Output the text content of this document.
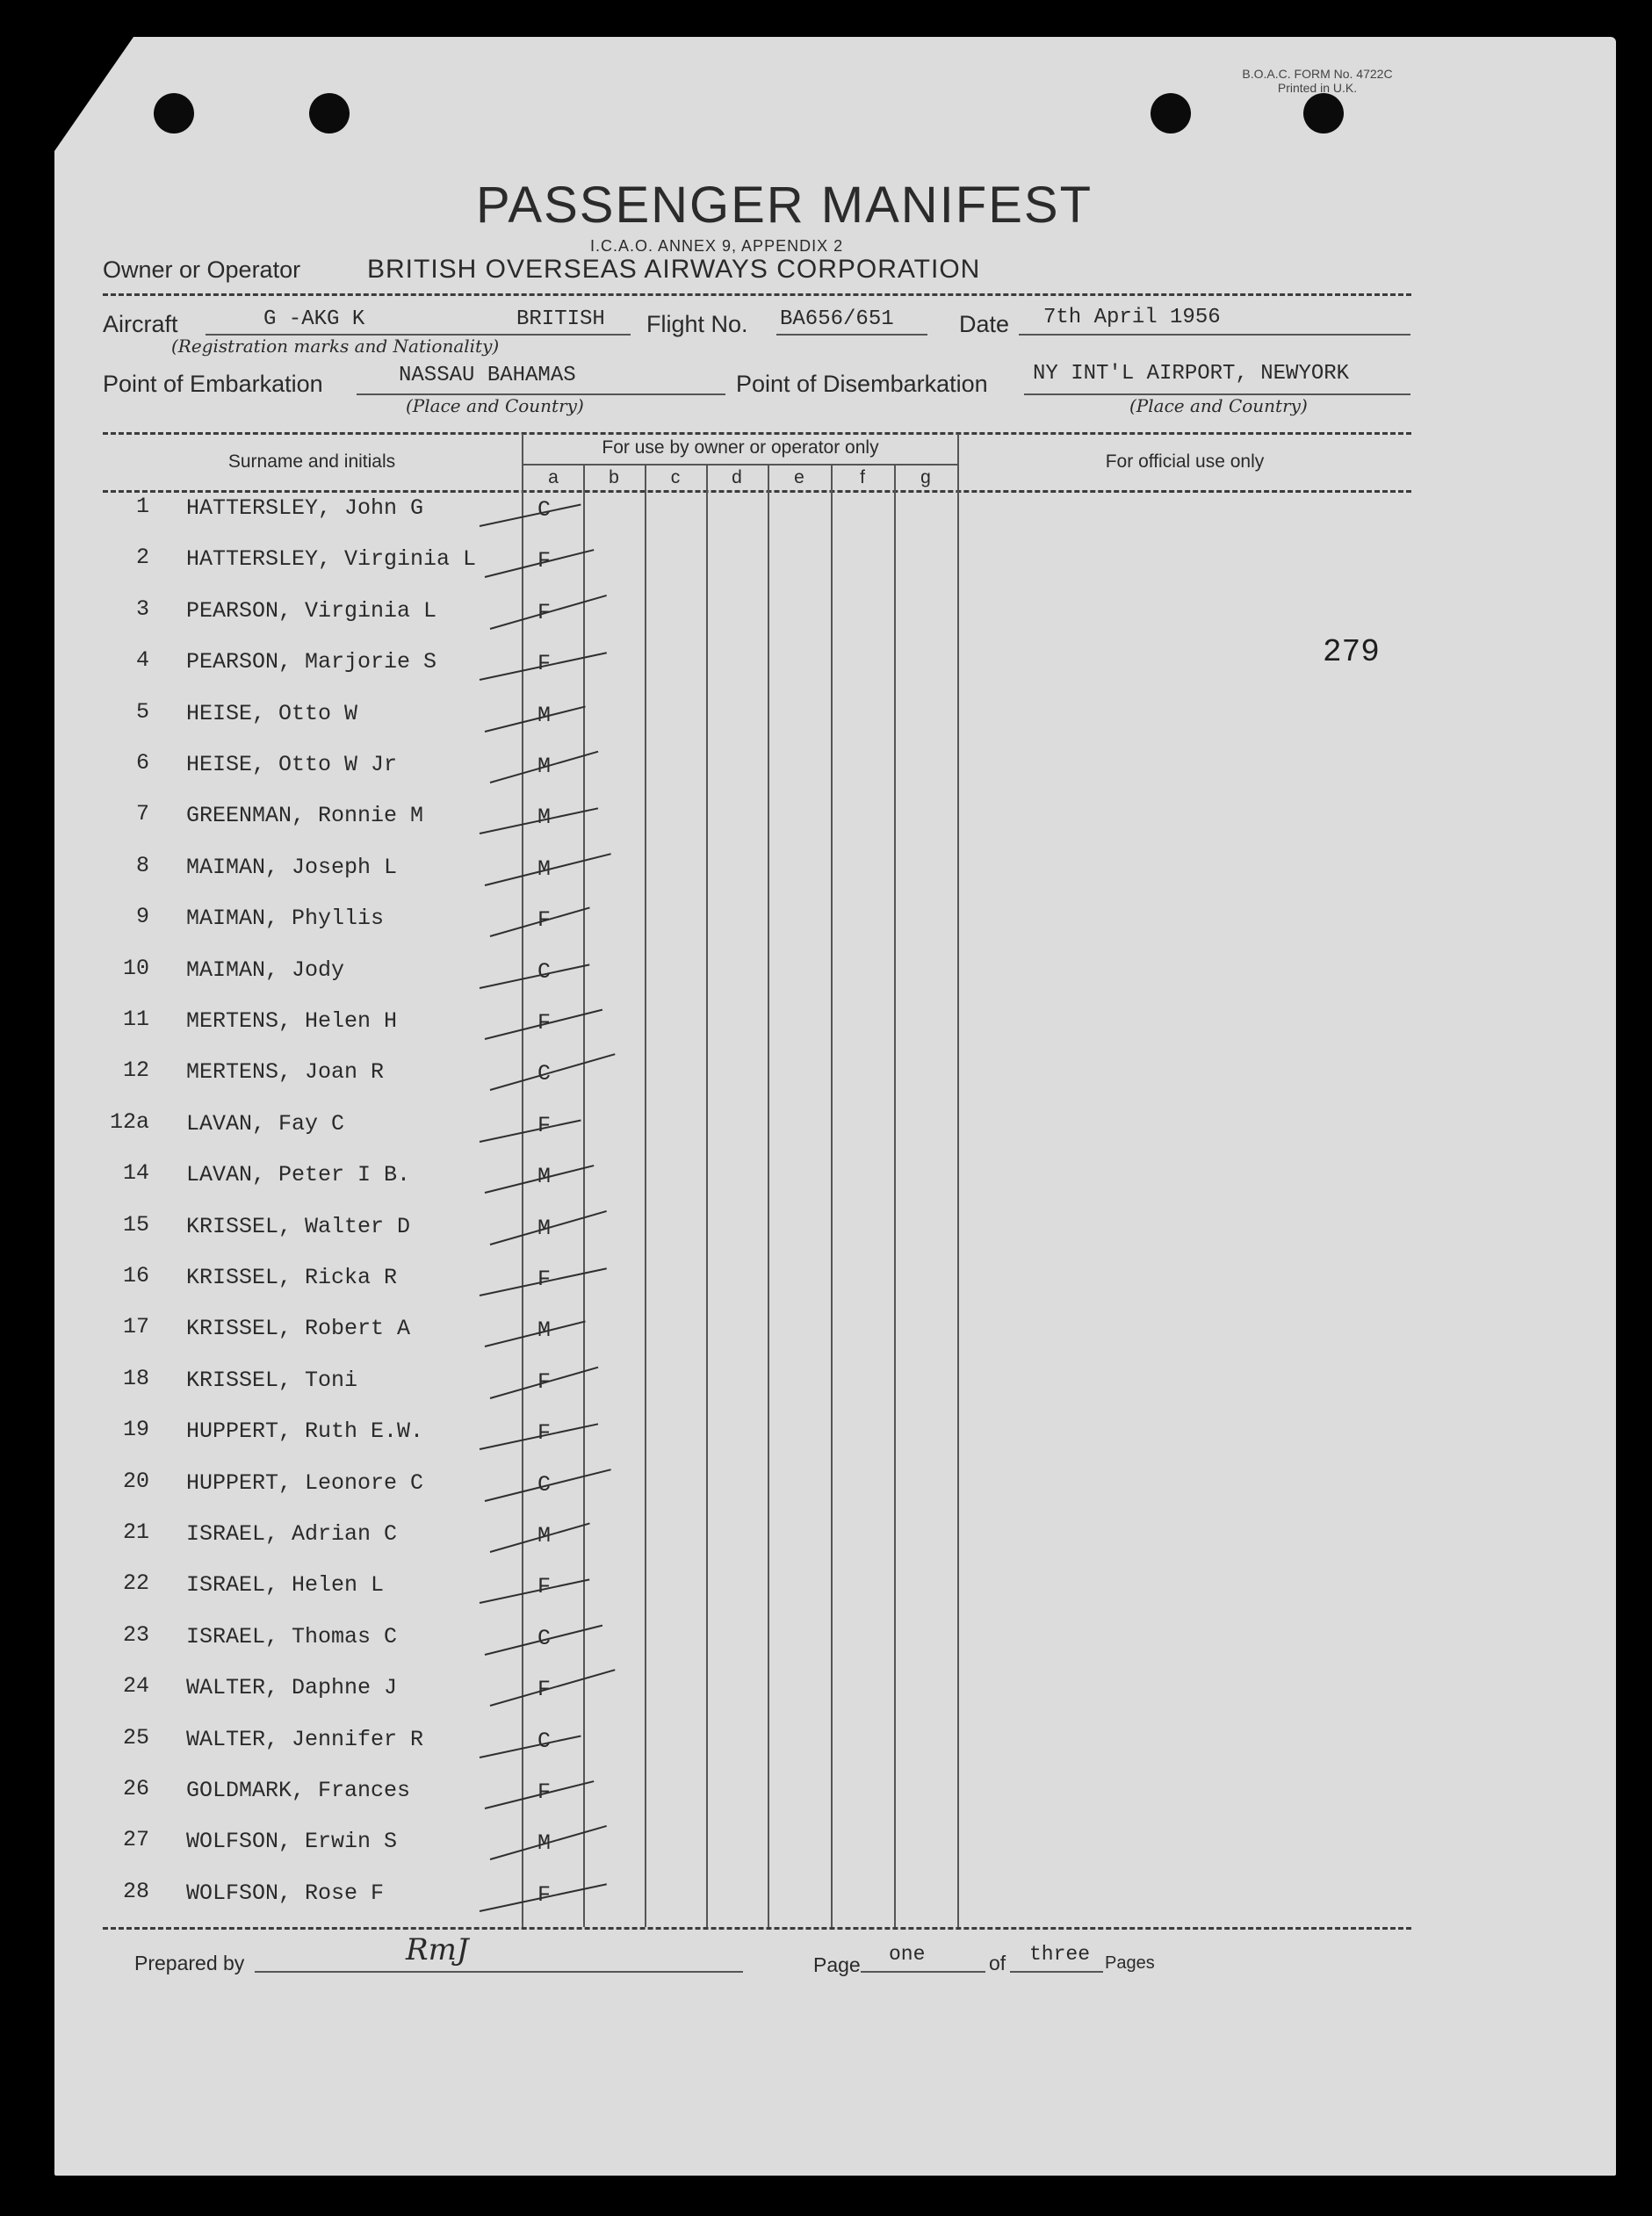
B.O.A.C. FORM No. 4722C
Printed in U.K.
PASSENGER MANIFEST
I.C.A.O. ANNEX 9, APPENDIX 2
Owner or Operator	BRITISH OVERSEAS AIRWAYS CORPORATION
Aircraft	G -AKG K	BRITISH
(Registration marks and Nationality)
Flight No. BA656/651	Date 7th April 1956
Point of Embarkation	NASSAU BAHAMAS
(Place and Country)
Point of Disembarkation NY INT'L AIRPORT, NEWYORK
(Place and Country)
Surname and initials
For use by owner or operator only
For official use only
a	b	c	d	e	f	g
279
1 HATTERSLEY, John G	C
2 HATTERSLEY, Virginia L	F
3 PEARSON, Virginia L	F
4 PEARSON, Marjorie S	F
5 HEISE, Otto W	M
6 HEISE, Otto W Jr	M
7 GREENMAN, Ronnie M	M
8 MAIMAN, Joseph L	M
9 MAIMAN, Phyllis	F
10 MAIMAN, Jody	C
11 MERTENS, Helen H	F
12 MERTENS, Joan R	C
12a LAVAN, Fay C	F
14 LAVAN, Peter I B.	M
15 KRISSEL, Walter D	M
16 KRISSEL, Ricka R	F
17 KRISSEL, Robert A	M
18 KRISSEL, Toni	F
19 HUPPERT, Ruth E.W.	F
20 HUPPERT, Leonore C	C
21 ISRAEL, Adrian C	M
22 ISRAEL, Helen L	F
23 ISRAEL, Thomas C	C
24 WALTER, Daphne J	F
25 WALTER, Jennifer R	C
26 GOLDMARK, Frances	F
27 WOLFSON, Erwin S	M
28 WOLFSON, Rose F	F
Prepared by	RmJ	Page one	of three Pages
